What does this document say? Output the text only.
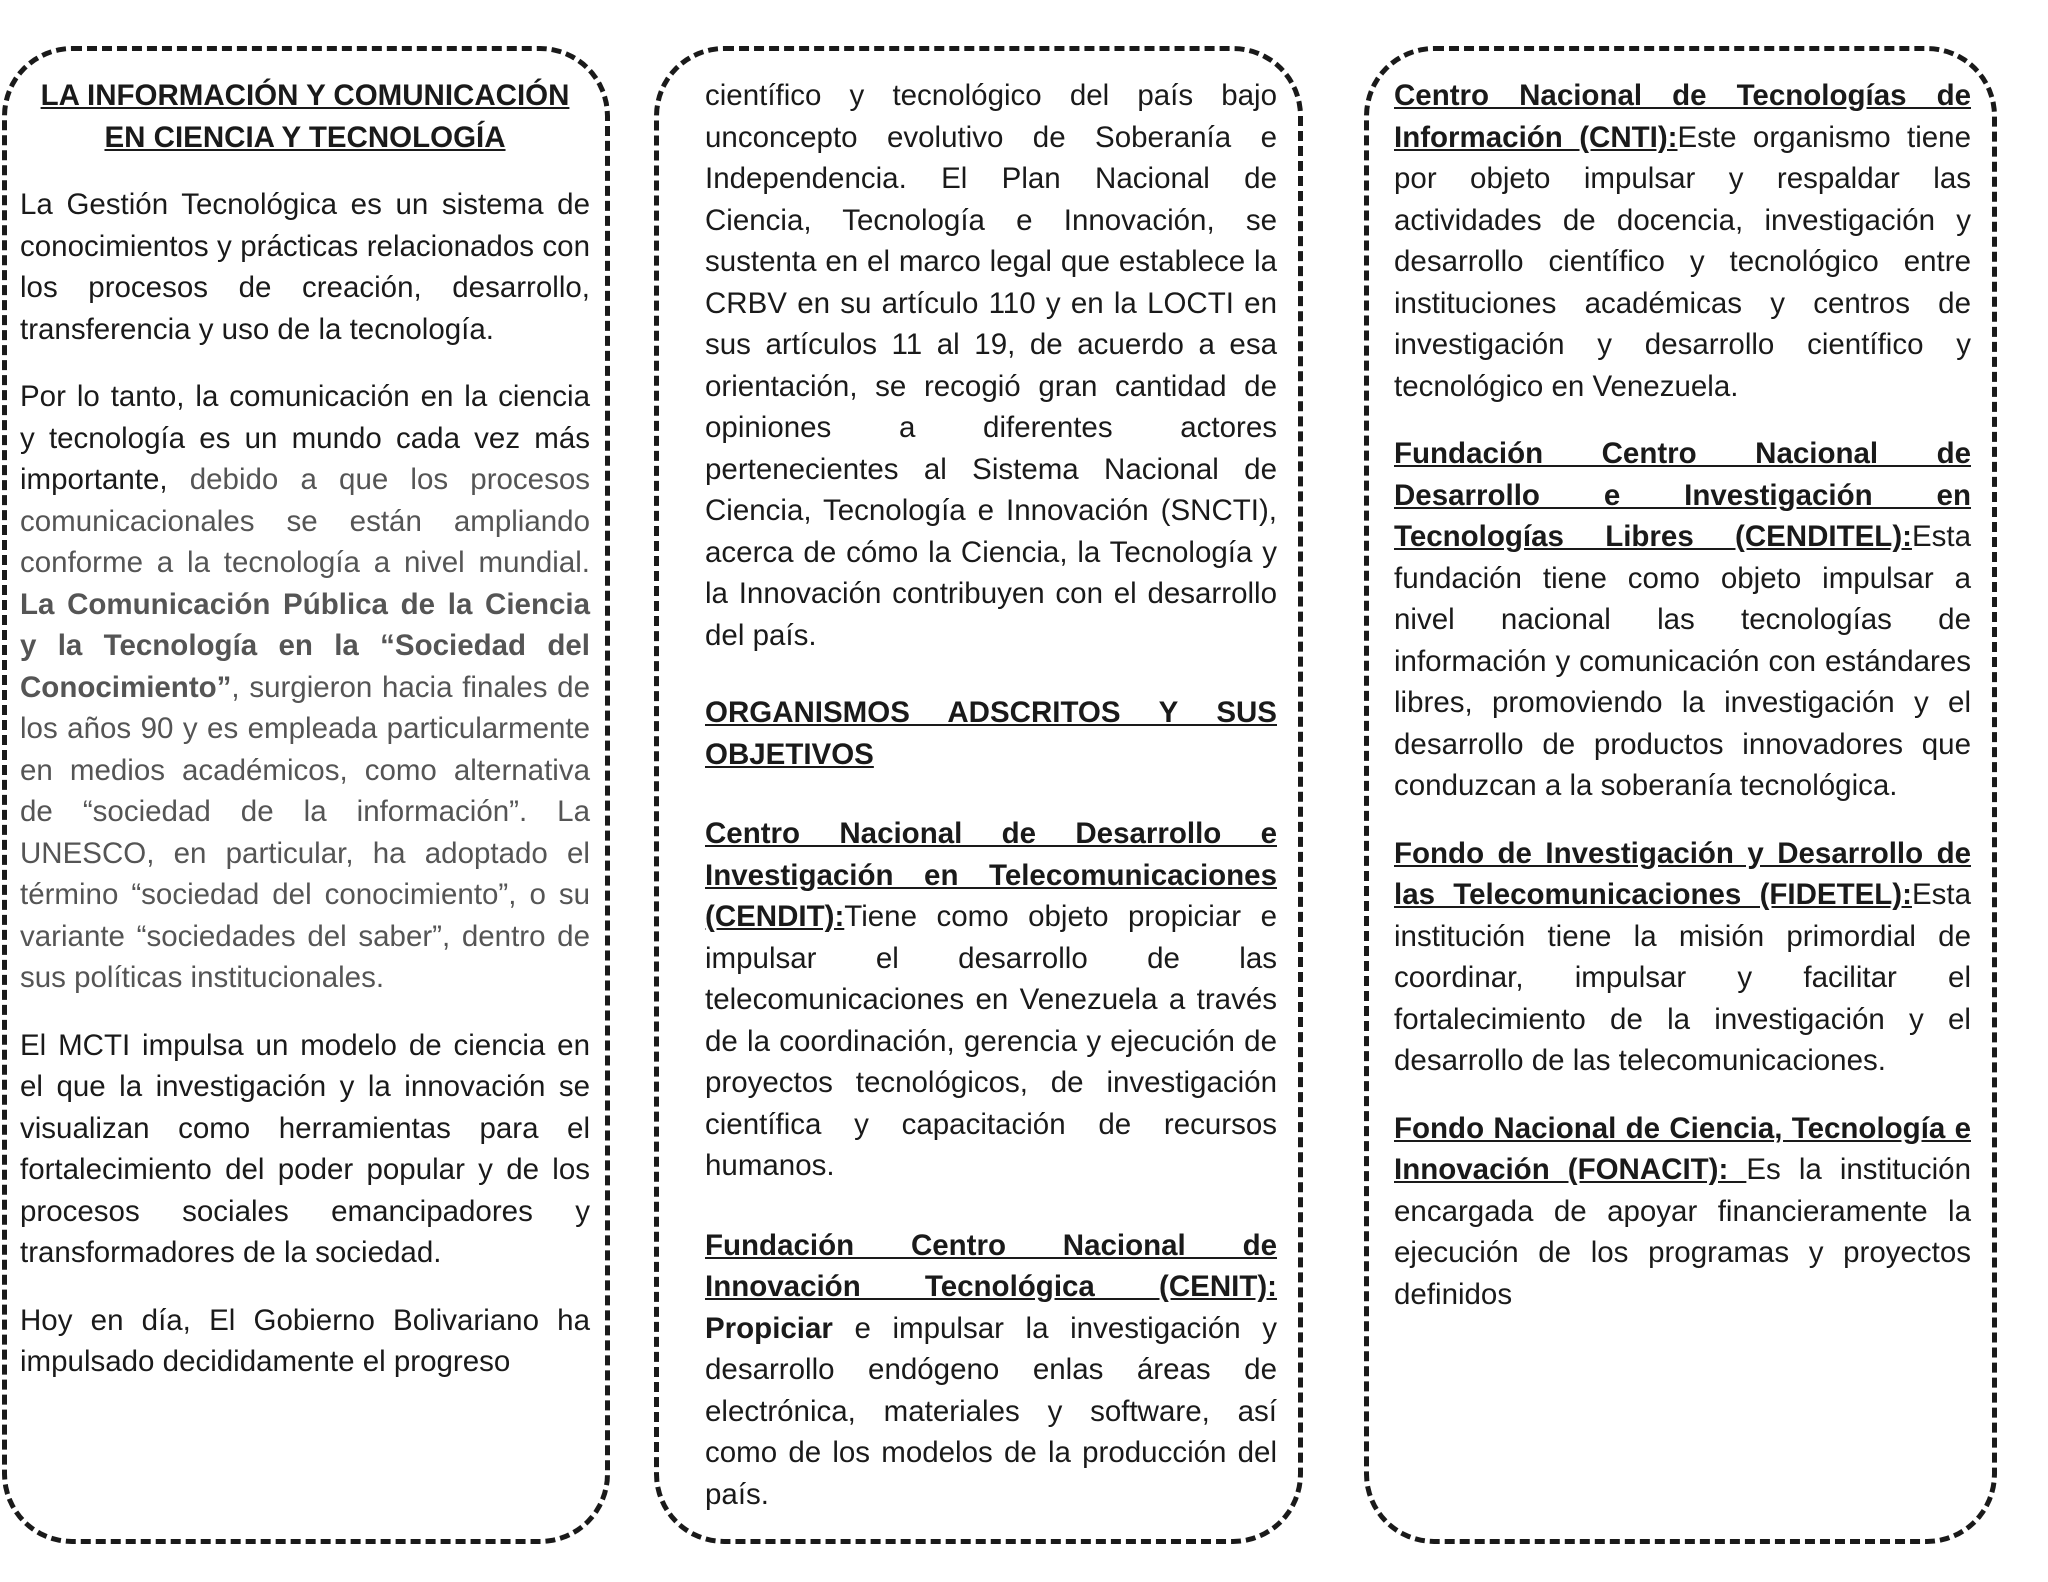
LA INFORMACIÓN Y COMUNICACIÓN
EN CIENCIA Y TECNOLOGÍA

La Gestión Tecnológica es un sistema de conocimientos y prácticas relacionados con los procesos de creación, desarrollo, transferencia y uso de la tecnología.

Por lo tanto, la comunicación en la ciencia y tecnología es un mundo cada vez más importante, debido a que los procesos comunicacionales se están ampliando conforme a la tecnología a nivel mundial. La Comunicación Pública de la Ciencia y la Tecnología en la “Sociedad del Conocimiento”, surgieron hacia finales de los años 90 y es empleada particularmente en medios académicos, como alternativa de “sociedad de la información”. La UNESCO, en particular, ha adoptado el término “sociedad del conocimiento”, o su variante “sociedades del saber”, dentro de sus políticas institucionales.

El MCTI impulsa un modelo de ciencia en el que la investigación y la innovación se visualizan como herramientas para el fortalecimiento del poder popular y de los procesos sociales emancipadores y transformadores de la sociedad.

Hoy en día, El Gobierno Bolivariano ha impulsado decididamente el progreso

científico y tecnológico del país bajo unconcepto evolutivo de Soberanía e Independencia. El Plan Nacional de Ciencia, Tecnología e Innovación, se sustenta en el marco legal que establece la CRBV en su artículo 110 y en la LOCTI en sus artículos 11 al 19, de acuerdo a esa orientación, se recogió gran cantidad de opiniones a diferentes actores pertenecientes al Sistema Nacional de Ciencia, Tecnología e Innovación (SNCTI), acerca de cómo la Ciencia, la Tecnología y la Innovación contribuyen con el desarrollo del país.

ORGANISMOS ADSCRITOS Y SUS OBJETIVOS

Centro Nacional de Desarrollo e Investigación en Telecomunicaciones (CENDIT):Tiene como objeto propiciar e impulsar el desarrollo de las telecomunicaciones en Venezuela a través de la coordinación, gerencia y ejecución de proyectos tecnológicos, de investigación científica y capacitación de recursos humanos.

Fundación Centro Nacional de Innovación Tecnológica (CENIT): Propiciar e impulsar la investigación y desarrollo endógeno enlas áreas de electrónica, materiales y software, así como de los modelos de la producción del país.

Centro Nacional de Tecnologías de Información (CNTI):Este organismo tiene por objeto impulsar y respaldar las actividades de docencia, investigación y desarrollo científico y tecnológico entre instituciones académicas y centros de investigación y desarrollo científico y tecnológico en Venezuela.

Fundación Centro Nacional de Desarrollo e Investigación en Tecnologías Libres (CENDITEL):Esta fundación tiene como objeto impulsar a nivel nacional las tecnologías de información y comunicación con estándares libres, promoviendo la investigación y el desarrollo de productos innovadores que conduzcan a la soberanía tecnológica.

Fondo de Investigación y Desarrollo de las Telecomunicaciones (FIDETEL):Esta institución tiene la misión primordial de coordinar, impulsar y facilitar el fortalecimiento de la investigación y el desarrollo de las telecomunicaciones.

Fondo Nacional de Ciencia, Tecnología e Innovación (FONACIT): Es la institución encargada de apoyar financieramente la ejecución de los programas y proyectos definidos
